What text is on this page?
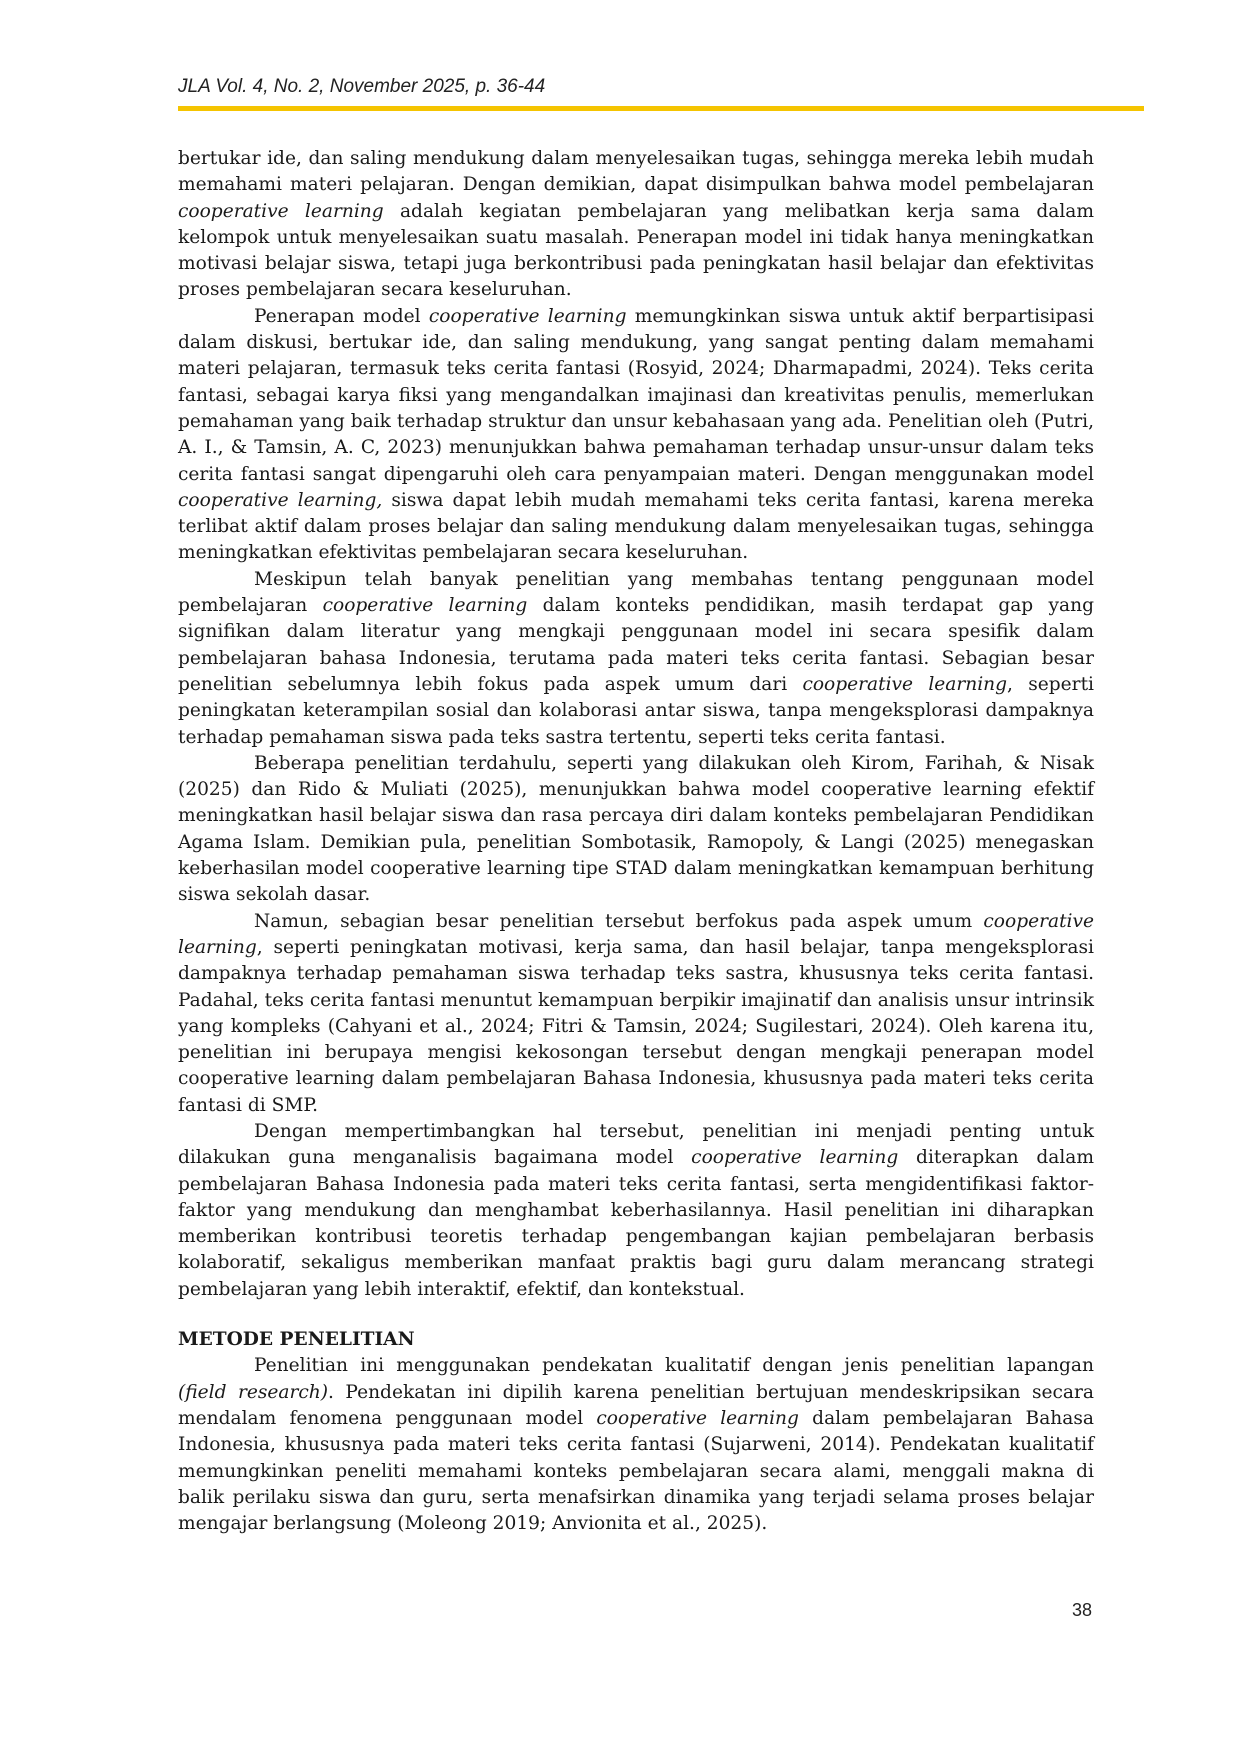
JLA Vol. 4, No. 2, November 2025, p. 36-44

bertukar ide, dan saling mendukung dalam menyelesaikan tugas, sehingga mereka lebih mudah memahami materi pelajaran. Dengan demikian, dapat disimpulkan bahwa model pembelajaran cooperative learning adalah kegiatan pembelajaran yang melibatkan kerja sama dalam kelompok untuk menyelesaikan suatu masalah. Penerapan model ini tidak hanya meningkatkan motivasi belajar siswa, tetapi juga berkontribusi pada peningkatan hasil belajar dan efektivitas proses pembelajaran secara keseluruhan.

Penerapan model cooperative learning memungkinkan siswa untuk aktif berpartisipasi dalam diskusi, bertukar ide, dan saling mendukung, yang sangat penting dalam memahami materi pelajaran, termasuk teks cerita fantasi (Rosyid, 2024; Dharmapadmi, 2024). Teks cerita fantasi, sebagai karya fiksi yang mengandalkan imajinasi dan kreativitas penulis, memerlukan pemahaman yang baik terhadap struktur dan unsur kebahasaan yang ada. Penelitian oleh (Putri, A. I., & Tamsin, A. C, 2023) menunjukkan bahwa pemahaman terhadap unsur-unsur dalam teks cerita fantasi sangat dipengaruhi oleh cara penyampaian materi. Dengan menggunakan model cooperative learning, siswa dapat lebih mudah memahami teks cerita fantasi, karena mereka terlibat aktif dalam proses belajar dan saling mendukung dalam menyelesaikan tugas, sehingga meningkatkan efektivitas pembelajaran secara keseluruhan.

Meskipun telah banyak penelitian yang membahas tentang penggunaan model pembelajaran cooperative learning dalam konteks pendidikan, masih terdapat gap yang signifikan dalam literatur yang mengkaji penggunaan model ini secara spesifik dalam pembelajaran bahasa Indonesia, terutama pada materi teks cerita fantasi. Sebagian besar penelitian sebelumnya lebih fokus pada aspek umum dari cooperative learning, seperti peningkatan keterampilan sosial dan kolaborasi antar siswa, tanpa mengeksplorasi dampaknya terhadap pemahaman siswa pada teks sastra tertentu, seperti teks cerita fantasi.

Beberapa penelitian terdahulu, seperti yang dilakukan oleh Kirom, Farihah, & Nisak (2025) dan Rido & Muliati (2025), menunjukkan bahwa model cooperative learning efektif meningkatkan hasil belajar siswa dan rasa percaya diri dalam konteks pembelajaran Pendidikan Agama Islam. Demikian pula, penelitian Sombotasik, Ramopoly, & Langi (2025) menegaskan keberhasilan model cooperative learning tipe STAD dalam meningkatkan kemampuan berhitung siswa sekolah dasar.

Namun, sebagian besar penelitian tersebut berfokus pada aspek umum cooperative learning, seperti peningkatan motivasi, kerja sama, dan hasil belajar, tanpa mengeksplorasi dampaknya terhadap pemahaman siswa terhadap teks sastra, khususnya teks cerita fantasi. Padahal, teks cerita fantasi menuntut kemampuan berpikir imajinatif dan analisis unsur intrinsik yang kompleks (Cahyani et al., 2024; Fitri & Tamsin, 2024; Sugilestari, 2024). Oleh karena itu, penelitian ini berupaya mengisi kekosongan tersebut dengan mengkaji penerapan model cooperative learning dalam pembelajaran Bahasa Indonesia, khususnya pada materi teks cerita fantasi di SMP.

Dengan mempertimbangkan hal tersebut, penelitian ini menjadi penting untuk dilakukan guna menganalisis bagaimana model cooperative learning diterapkan dalam pembelajaran Bahasa Indonesia pada materi teks cerita fantasi, serta mengidentifikasi faktor-faktor yang mendukung dan menghambat keberhasilannya. Hasil penelitian ini diharapkan memberikan kontribusi teoretis terhadap pengembangan kajian pembelajaran berbasis kolaboratif, sekaligus memberikan manfaat praktis bagi guru dalam merancang strategi pembelajaran yang lebih interaktif, efektif, dan kontekstual.

METODE PENELITIAN

Penelitian ini menggunakan pendekatan kualitatif dengan jenis penelitian lapangan (field research). Pendekatan ini dipilih karena penelitian bertujuan mendeskripsikan secara mendalam fenomena penggunaan model cooperative learning dalam pembelajaran Bahasa Indonesia, khususnya pada materi teks cerita fantasi (Sujarweni, 2014). Pendekatan kualitatif memungkinkan peneliti memahami konteks pembelajaran secara alami, menggali makna di balik perilaku siswa dan guru, serta menafsirkan dinamika yang terjadi selama proses belajar mengajar berlangsung (Moleong 2019; Anvionita et al., 2025).

38
